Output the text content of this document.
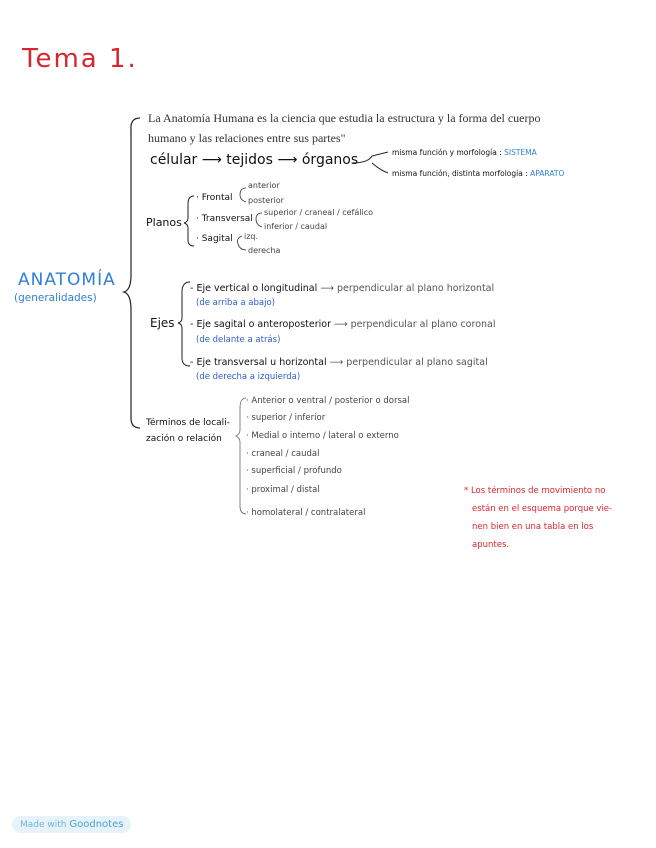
Tema 1.
ANATOMÍA
(generalidades)
La Anatomía Humana es la ciencia que estudia la estructura y la forma del cuerpo
humano y las relaciones entre sus partes"
célular ⟶ tejidos ⟶ órganos	misma función y morfología : SISTEMA
misma función, distinta morfología : APARATO
Planos
· Frontal
anterior
posterior
· Transversal
superior / craneal / cefálico
inferior / caudal
· Sagital izq.
derecha
Ejes
- Eje vertical o longitudinal ⟶ perpendicular al plano horizontal
(de arriba a abajo)
- Eje sagital o anteroposterior ⟶ perpendicular al plano coronal
(de delante a atrás)
- Eje transversal u horizontal ⟶ perpendicular al plano sagital
(de derecha a izquierda)
Términos de locali-
zación o relación
· Anterior o ventral / posterior o dorsal
· superior / inferior
· Medial o interno / lateral o externo
· craneal / caudal
· superficial / profundo
· proximal / distal
· homolateral / contralateral
* Los términos de movimiento no
están en el esquema porque vie-
nen bien en una tabla en los
apuntes.
Made with Goodnotes
